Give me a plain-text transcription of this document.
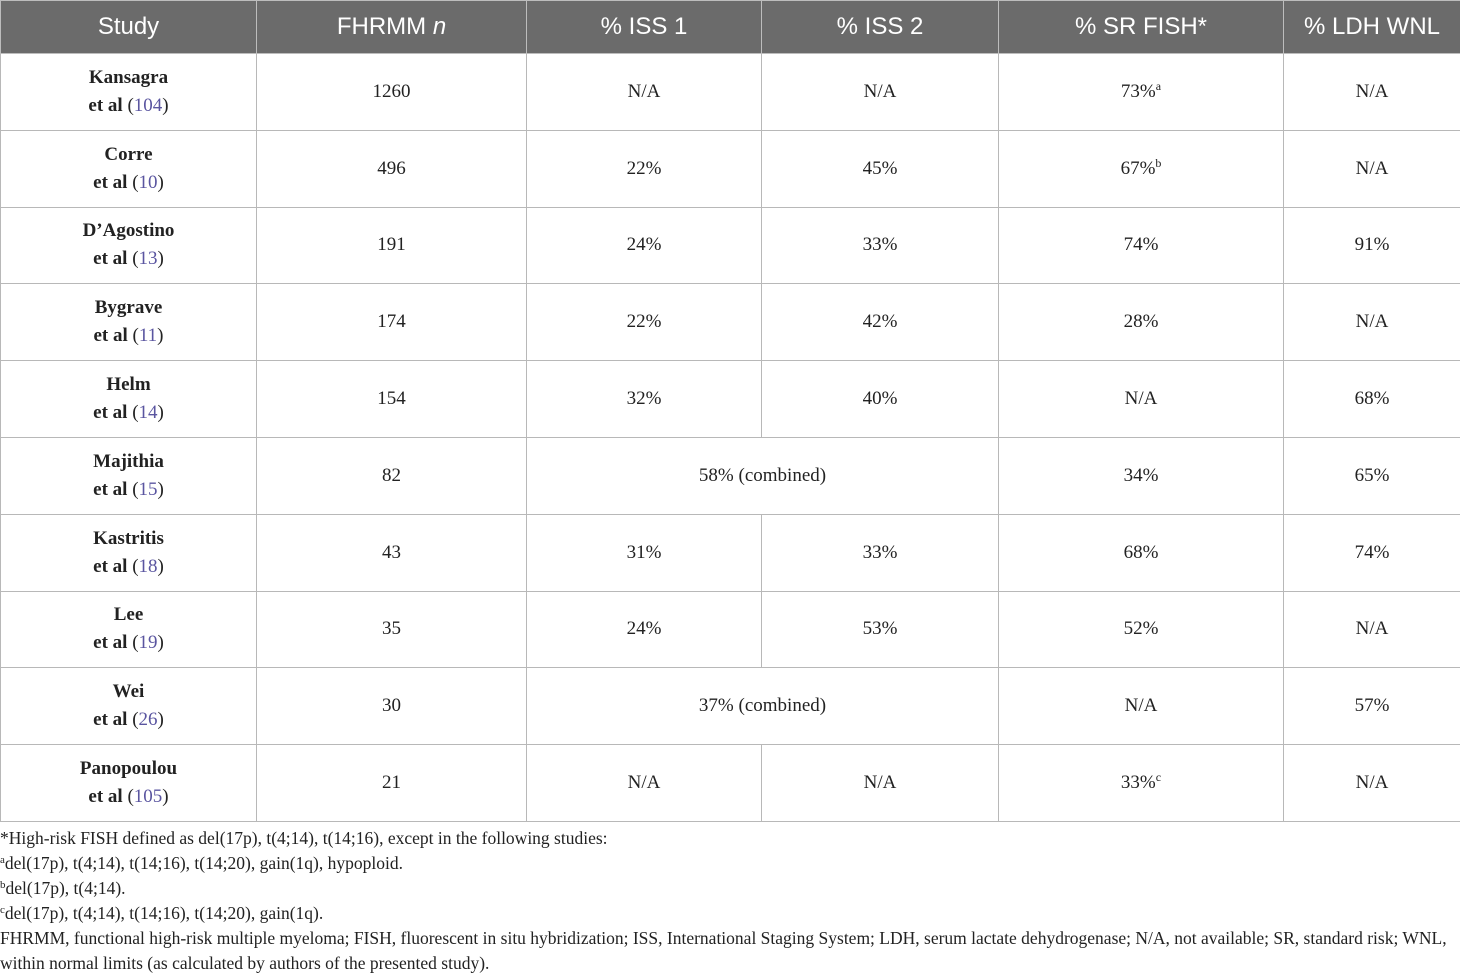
Study	FHRMM n	% ISS 1	% ISS 2	% SR FISH*	% LDH WNL
Kansagra
et al (104)	1260	N/A	N/A	73%$^a$	N/A
Corre
et al (10)	496	22%	45%	67%$^b$	N/A
D’Agostino
et al (13)	191	24%	33%	74%	91%
Bygrave
et al (11)	174	22%	42%	28%	N/A
Helm
et al (14)	154	32%	40%	N/A	68%
Majithia
et al (15)	82	58% (combined)		34%	65%
Kastritis
et al (18)	43	31%	33%	68%	74%
Lee
et al (19)	35	24%	53%	52%	N/A
Wei
et al (26)	30	37% (combined)		N/A	57%
Panopoulou
et al (105)	21	N/A	N/A	33%$^c$	N/A
*High-risk FISH defined as del(17p), t(4;14), t(14;16), except in the following studies:
$^a$del(17p), t(4;14), t(14;16), t(14;20), gain(1q), hypoploid.
$^b$del(17p), t(4;14).
$^c$del(17p), t(4;14), t(14;16), t(14;20), gain(1q).
FHRMM, functional high-risk multiple myeloma; FISH, fluorescent in situ hybridization; ISS, International Staging System; LDH, serum lactate dehydrogenase; N/A, not available; SR, standard risk; WNL, within normal limits (as calculated by authors of the presented study).
